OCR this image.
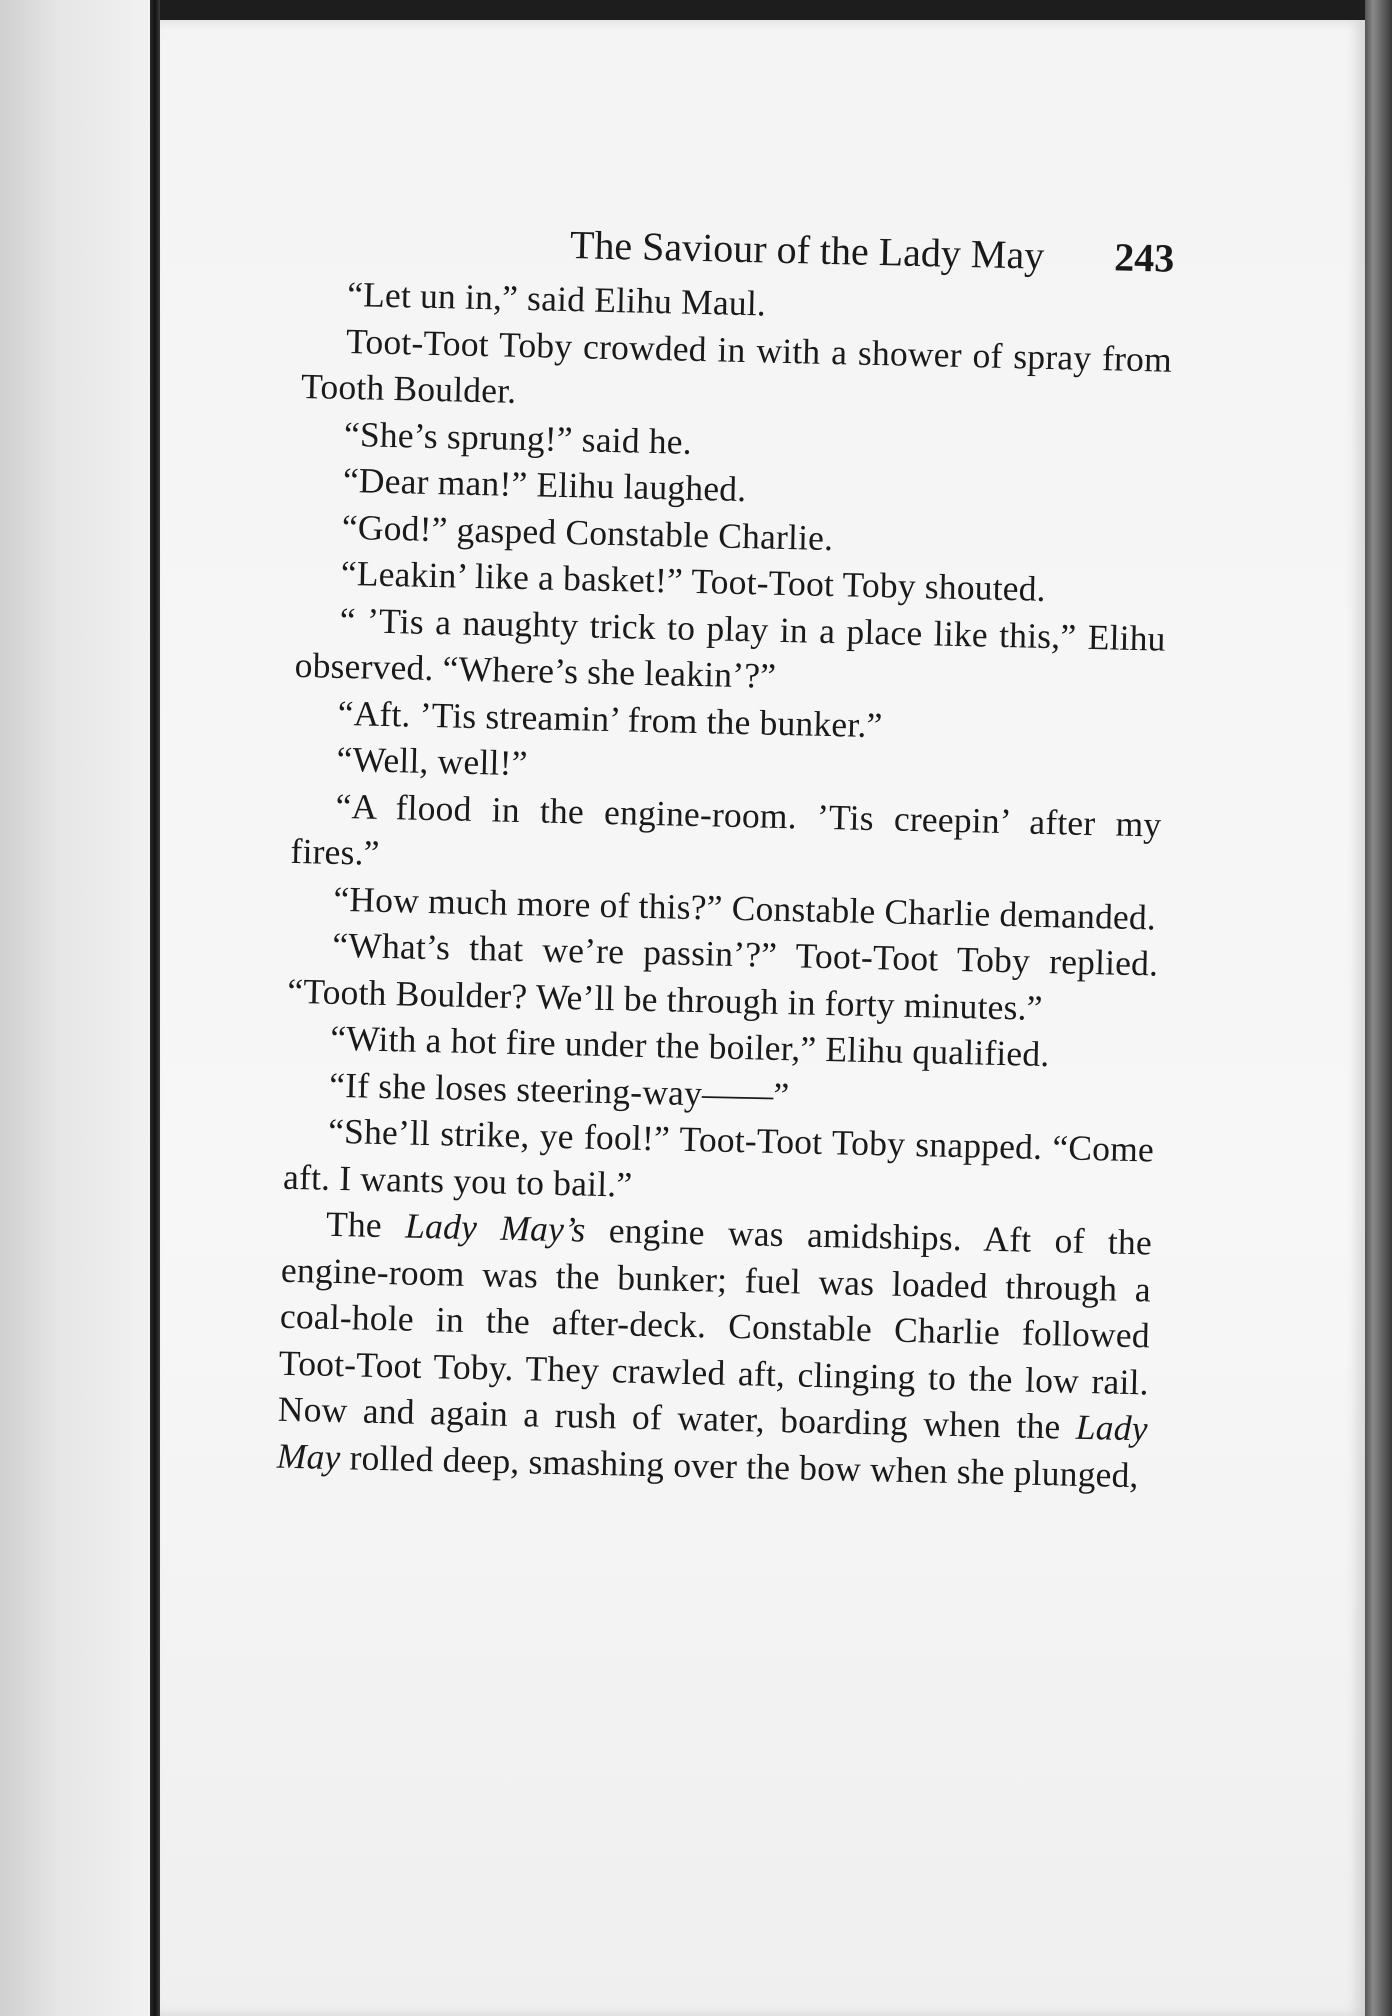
The Saviour of the Lady May	243

“Let un in,” said Elihu Maul.

Toot-Toot Toby crowded in with a shower of spray from Tooth Boulder.

“She’s sprung!” said he.

“Dear man!” Elihu laughed.

“God!” gasped Constable Charlie.

“Leakin’ like a basket!” Toot-Toot Toby shouted.

“ ’Tis a naughty trick to play in a place like this,” Elihu observed. “Where’s she leakin’?”

“Aft. ’Tis streamin’ from the bunker.”

“Well, well!”

“A flood in the engine-room. ’Tis creepin’ after my fires.”

“How much more of this?” Constable Charlie demanded.

“What’s that we’re passin’?” Toot-Toot Toby replied. “Tooth Boulder? We’ll be through in forty minutes.”

“With a hot fire under the boiler,” Elihu qualified.

“If she loses steering-way——”

“She’ll strike, ye fool!” Toot-Toot Toby snapped. “Come aft. I wants you to bail.”

The Lady May’s engine was amidships. Aft of the engine-room was the bunker; fuel was loaded through a coal-hole in the after-deck. Constable Charlie followed Toot-Toot Toby. They crawled aft, clinging to the low rail. Now and again a rush of water, boarding when the Lady May rolled deep, smashing over the bow when she plunged,
